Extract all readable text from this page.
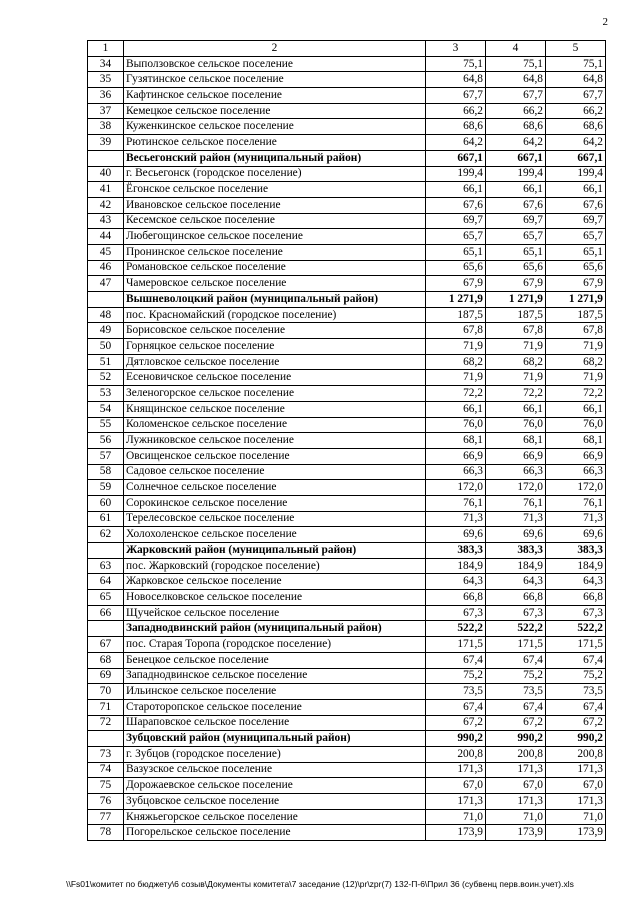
2
1	2	3	4	5
34	Выползовское сельское поселение	75,1	75,1	75,1
35	Гузятинское сельское поселение	64,8	64,8	64,8
36	Кафтинское сельское поселение	67,7	67,7	67,7
37	Кемецкое сельское поселение	66,2	66,2	66,2
38	Куженкинское сельское поселение	68,6	68,6	68,6
39	Рютинское сельское поселение	64,2	64,2	64,2
	Весьегонский район (муниципальный район)	667,1	667,1	667,1
40	г. Весьегонск (городское поселение)	199,4	199,4	199,4
41	Ёгонское сельское поселение	66,1	66,1	66,1
42	Ивановское сельское поселение	67,6	67,6	67,6
43	Кесемское сельское поселение	69,7	69,7	69,7
44	Любегощинское сельское поселение	65,7	65,7	65,7
45	Пронинское сельское поселение	65,1	65,1	65,1
46	Романовское сельское поселение	65,6	65,6	65,6
47	Чамеровское сельское поселение	67,9	67,9	67,9
	Вышневолоцкий район (муниципальный район)	1 271,9	1 271,9	1 271,9
48	пос. Красномайский (городское поселение)	187,5	187,5	187,5
49	Борисовское сельское поселение	67,8	67,8	67,8
50	Горняцкое сельское поселение	71,9	71,9	71,9
51	Дятловское сельское поселение	68,2	68,2	68,2
52	Есеновичское сельское поселение	71,9	71,9	71,9
53	Зеленогорское сельское поселение	72,2	72,2	72,2
54	Княщинское сельское поселение	66,1	66,1	66,1
55	Коломенское сельское поселение	76,0	76,0	76,0
56	Лужниковское сельское поселение	68,1	68,1	68,1
57	Овсищенское сельское поселение	66,9	66,9	66,9
58	Садовое сельское поселение	66,3	66,3	66,3
59	Солнечное сельское поселение	172,0	172,0	172,0
60	Сорокинское сельское поселение	76,1	76,1	76,1
61	Терелесовское сельское поселение	71,3	71,3	71,3
62	Холохоленское сельское поселение	69,6	69,6	69,6
	Жарковский район (муниципальный район)	383,3	383,3	383,3
63	пос. Жарковский (городское поселение)	184,9	184,9	184,9
64	Жарковское сельское поселение	64,3	64,3	64,3
65	Новоселковское сельское поселение	66,8	66,8	66,8
66	Щучейское сельское поселение	67,3	67,3	67,3
	Западнодвинский район (муниципальный район)	522,2	522,2	522,2
67	пос. Старая Торопа (городское поселение)	171,5	171,5	171,5
68	Бенецкое сельское поселение	67,4	67,4	67,4
69	Западнодвинское сельское поселение	75,2	75,2	75,2
70	Ильинское сельское поселение	73,5	73,5	73,5
71	Староторопское сельское поселение	67,4	67,4	67,4
72	Шараповское сельское поселение	67,2	67,2	67,2
	Зубцовский район (муниципальный район)	990,2	990,2	990,2
73	г. Зубцов (городское поселение)	200,8	200,8	200,8
74	Вазузское сельское поселение	171,3	171,3	171,3
75	Дорожаевское сельское поселение	67,0	67,0	67,0
76	Зубцовское сельское поселение	171,3	171,3	171,3
77	Княжьегорское сельское поселение	71,0	71,0	71,0
78	Погорельское сельское поселение	173,9	173,9	173,9
\\Fs01\комитет по бюджету\6 созыв\Документы комитета\7 заседание (12)\pr\zpr(7) 132-П-6\Прил 36 (субвенц перв.воин.учет).xls
